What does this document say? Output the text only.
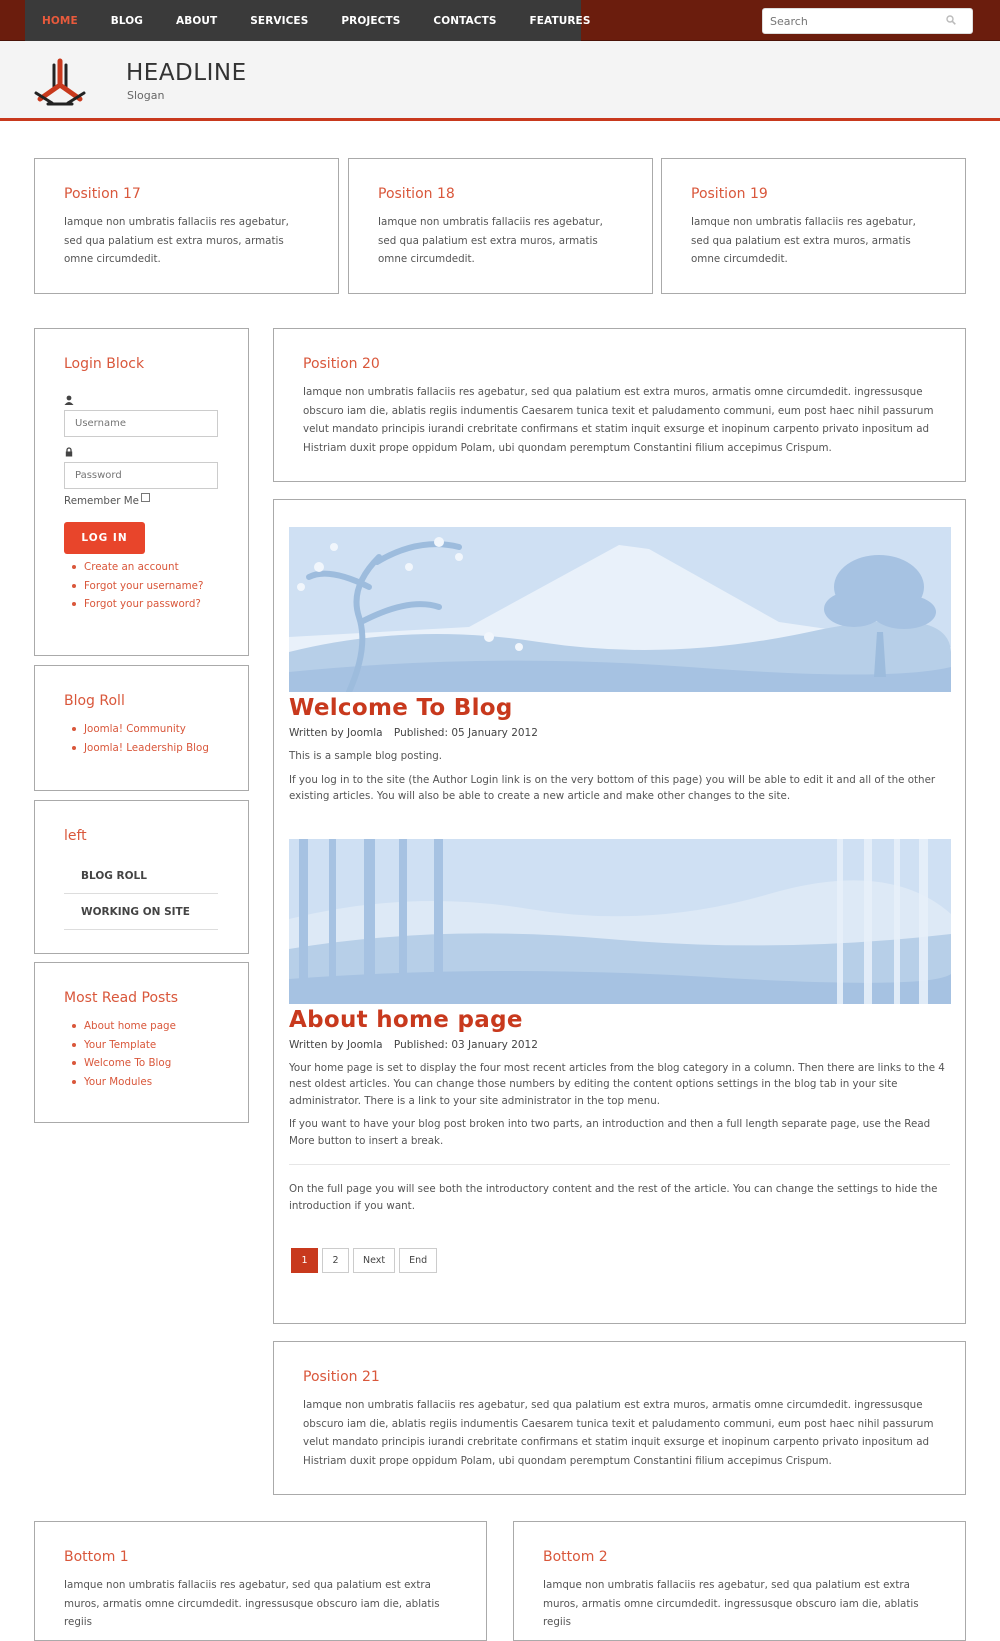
HOME	BLOG	ABOUT	SERVICES	PROJECTS	CONTACTS	FEATURES
Search
HEADLINE
Slogan
Position 17
Iamque non umbratis fallaciis res agebatur, sed qua palatium est extra muros, armatis omne circumdedit.
Position 18
Iamque non umbratis fallaciis res agebatur, sed qua palatium est extra muros, armatis omne circumdedit.
Position 19
Iamque non umbratis fallaciis res agebatur, sed qua palatium est extra muros, armatis omne circumdedit.
Login Block
Username
Remember Me
LOG IN
Create an account
Forgot your username?
Forgot your password?
Blog Roll
Joomla! Community
Joomla! Leadership Blog
left
BLOG ROLL
WORKING ON SITE
Most Read Posts
About home page
Your Template
Welcome To Blog
Your Modules
Position 20
Iamque non umbratis fallaciis res agebatur, sed qua palatium est extra muros, armatis omne circumdedit. ingressusque obscuro iam die, ablatis regiis indumentis Caesarem tunica texit et paludamento communi, eum post haec nihil passurum velut mandato principis iurandi crebritate confirmans et statim inquit exsurge et inopinum carpento privato inpositum ad Histriam duxit prope oppidum Polam, ubi quondam peremptum Constantini filium accepimus Crispum.
Welcome To Blog
Written by Joomla Published: 05 January 2012
This is a sample blog posting.
If you log in to the site (the Author Login link is on the very bottom of this page) you will be able to edit it and all of the other existing articles. You will also be able to create a new article and make other changes to the site.
About home page
Written by Joomla Published: 03 January 2012
Your home page is set to display the four most recent articles from the blog category in a column. Then there are links to the 4 nest oldest articles. You can change those numbers by editing the content options settings in the blog tab in your site administrator. There is a link to your site administrator in the top menu.
If you want to have your blog post broken into two parts, an introduction and then a full length separate page, use the Read More button to insert a break.
On the full page you will see both the introductory content and the rest of the article. You can change the settings to hide the introduction if you want.
1	2	Next	End
Position 21
Iamque non umbratis fallaciis res agebatur, sed qua palatium est extra muros, armatis omne circumdedit. ingressusque obscuro iam die, ablatis regiis indumentis Caesarem tunica texit et paludamento communi, eum post haec nihil passurum velut mandato principis iurandi crebritate confirmans et statim inquit exsurge et inopinum carpento privato inpositum ad Histriam duxit prope oppidum Polam, ubi quondam peremptum Constantini filium accepimus Crispum.
Bottom 1
Iamque non umbratis fallaciis res agebatur, sed qua palatium est extra muros, armatis omne circumdedit. ingressusque obscuro iam die, ablatis regiis
Bottom 2
Iamque non umbratis fallaciis res agebatur, sed qua palatium est extra muros, armatis omne circumdedit. ingressusque obscuro iam die, ablatis regiis
